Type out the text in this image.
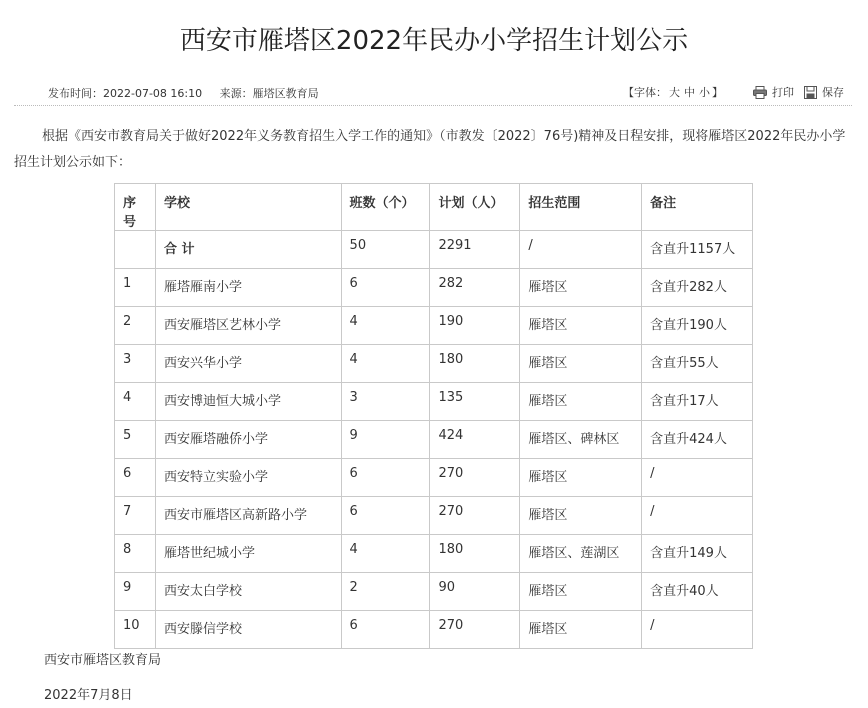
西安市雁塔区2022年民办小学招生计划公示
发布时间：2022-07-08 16:10 来源：雁塔区教育局	【字体： 大 中 小 】	打印	保存

根据《西安市教育局关于做好2022年义务教育招生入学工作的通知》（市教发〔2022〕76号)精神及日程安排，现将雁塔区2022年民办小学招生计划公示如下：

序号	学校	班数（个）	计划（人）	招生范围	备注
	合 计	50	2291	/	含直升1157人
1	雁塔雁南小学	6	282	雁塔区	含直升282人
2	西安雁塔区艺林小学	4	190	雁塔区	含直升190人
3	西安兴华小学	4	180	雁塔区	含直升55人
4	西安博迪恒大城小学	3	135	雁塔区	含直升17人
5	西安雁塔融侨小学	9	424	雁塔区、碑林区	含直升424人
6	西安特立实验小学	6	270	雁塔区	/
7	西安市雁塔区高新路小学	6	270	雁塔区	/
8	雁塔世纪城小学	4	180	雁塔区、莲湖区	含直升149人
9	西安太白学校	2	90	雁塔区	含直升40人
10	西安滕信学校	6	270	雁塔区	/
西安市雁塔区教育局
2022年7月8日
